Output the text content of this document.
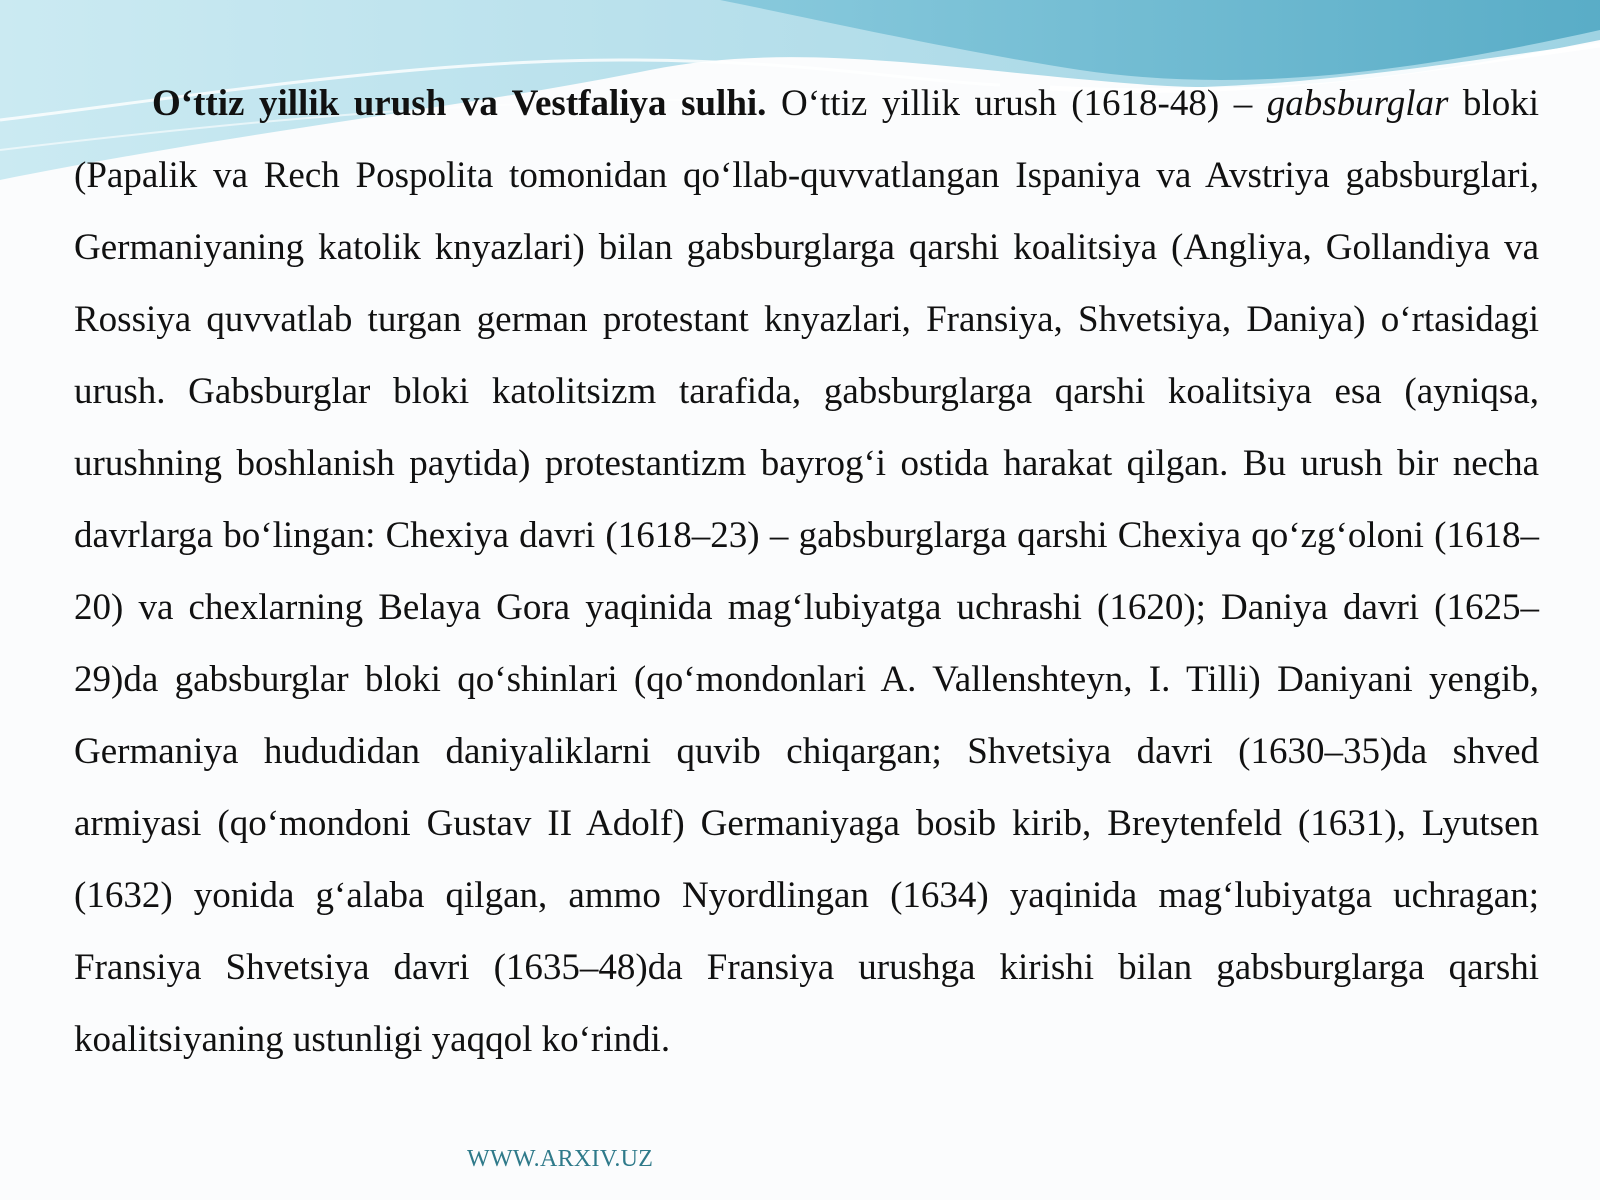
O‘ttiz yillik urush va Vestfaliya sulhi. O‘ttiz yillik urush (1618-48) – gabsburglar bloki (Papalik va Rech Pospolita tomonidan qo‘llab-quvvatlangan Ispaniya va Avstriya gabsburglari, Germaniyaning katolik knyazlari) bilan gabsburglarga qarshi koalitsiya (Angliya, Gollandiya va Rossiya quvvatlab turgan german protestant knyazlari, Fransiya, Shvetsiya, Daniya) o‘rtasidagi urush. Gabsburglar bloki katolitsizm tarafida, gabsburglarga qarshi koalitsiya esa (ayniqsa, urushning boshlanish paytida) protestantizm bayrog‘i ostida harakat qilgan. Bu urush bir necha davrlarga bo‘lingan: Chexiya davri (1618–23) – gabsburglarga qarshi Chexiya qo‘zg‘oloni (1618–20) va chexlarning Belaya Gora yaqinida mag‘lubiyatga uchrashi (1620); Daniya davri (1625–29)da gabsburglar bloki qo‘shinlari (qo‘mondonlari A. Vallenshteyn, I. Tilli) Daniyani yengib, Germaniya hududidan daniyaliklarni quvib chiqargan; Shvetsiya davri (1630–35)da shved armiyasi (qo‘mondoni Gustav II Adolf) Germaniyaga bosib kirib, Breytenfeld (1631), Lyutsen (1632) yonida g‘alaba qilgan, ammo Nyordlingan (1634) yaqinida mag‘lubiyatga uchragan; Fransiya Shvetsiya davri (1635–48)da Fransiya urushga kirishi bilan gabsburglarga qarshi koalitsiyaning ustunligi yaqqol ko‘rindi.

WWW.ARXIV.UZ
